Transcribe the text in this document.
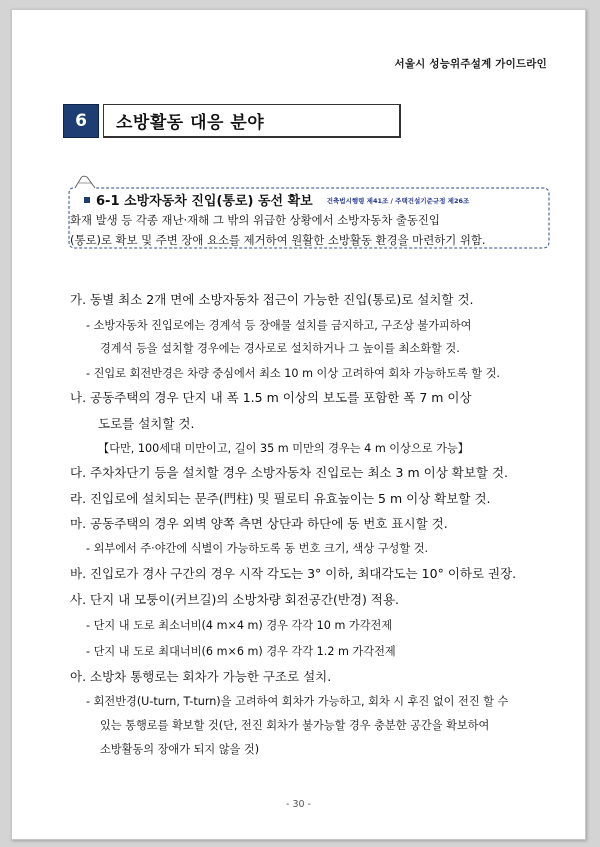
서울시 성능위주설계 가이드라인
6	소방활동 대응 분야
6-1 소방자동차 진입(통로) 동선 확보 건축법시행령 제41조 / 주택건설기준규정 제26조
화재 발생 등 각종 재난·재해 그 밖의 위급한 상황에서 소방자동차 출동진입
(통로)로 확보 및 주변 장애 요소를 제거하여 원활한 소방활동 환경을 마련하기 위함.
가. 동별 최소 2개 면에 소방자동차 접근이 가능한 진입(통로)로 설치할 것.
- 소방자동차 진입로에는 경계석 등 장애물 설치를 금지하고, 구조상 불가피하여
경계석 등을 설치할 경우에는 경사로로 설치하거나 그 높이를 최소화할 것.
- 진입로 회전반경은 차량 중심에서 최소 10 m 이상 고려하여 회차 가능하도록 할 것.
나. 공동주택의 경우 단지 내 폭 1.5 m 이상의 보도를 포함한 폭 7 m 이상
도로를 설치할 것.
【다만, 100세대 미만이고, 길이 35 m 미만의 경우는 4 m 이상으로 가능】
다. 주차차단기 등을 설치할 경우 소방자동차 진입로는 최소 3 m 이상 확보할 것.
라. 진입로에 설치되는 문주(門柱) 및 필로티 유효높이는 5 m 이상 확보할 것.
마. 공동주택의 경우 외벽 양쪽 측면 상단과 하단에 동 번호 표시할 것.
- 외부에서 주·야간에 식별이 가능하도록 동 번호 크기, 색상 구성할 것.
바. 진입로가 경사 구간의 경우 시작 각도는 3° 이하, 최대각도는 10° 이하로 권장.
사. 단지 내 모퉁이(커브길)의 소방차량 회전공간(반경) 적용.
- 단지 내 도로 최소너비(4 m×4 m) 경우 각각 10 m 가각전제
- 단지 내 도로 최대너비(6 m×6 m) 경우 각각 1.2 m 가각전제
아. 소방차 통행로는 회차가 가능한 구조로 설치.
- 회전반경(U-turn, T-turn)을 고려하여 회차가 가능하고, 회차 시 후진 없이 전진 할 수
있는 통행로를 확보할 것(단, 전진 회차가 불가능할 경우 충분한 공간을 확보하여
소방활동의 장애가 되지 않을 것)
- 30 -
